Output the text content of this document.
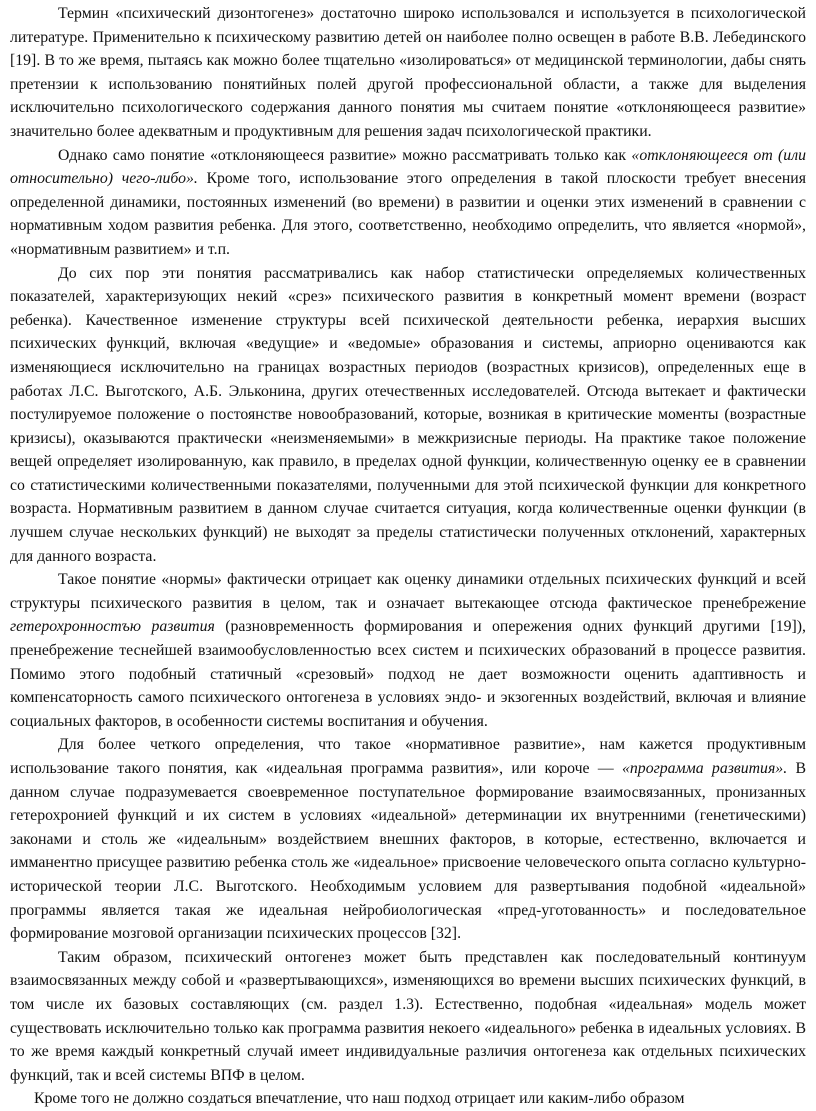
Термин «психический дизонтогенез» достаточно широко использовался и используется в психологической литературе. Применительно к психическому развитию детей он наиболее полно освещен в работе В.В. Лебединского [19]. В то же время, пытаясь как можно более тщательно «изолироваться» от медицинской терминологии, дабы снять претензии к использованию понятийных полей другой профессиональной области, а также для выделения исключительно психологического содержания данного понятия мы считаем понятие «отклоняющееся развитие» значительно более адекватным и продуктивным для решения задач психологической практики.

Однако само понятие «отклоняющееся развитие» можно рассматривать только как «отклоняющееся от (или относительно) чего-либо». Кроме того, использование этого определения в такой плоскости требует внесения определенной динамики, постоянных изменений (во времени) в развитии и оценки этих изменений в сравнении с нормативным ходом развития ребенка. Для этого, соответственно, необходимо определить, что является «нормой», «нормативным развитием» и т.п.

До сих пор эти понятия рассматривались как набор статистически определяемых количественных показателей, характеризующих некий «срез» психического развития в конкретный момент времени (возраст ребенка). Качественное изменение структуры всей психической деятельности ребенка, иерархия высших психических функций, включая «ведущие» и «ведомые» образования и системы, априорно оцениваются как изменяющиеся исключительно на границах возрастных периодов (возрастных кризисов), определенных еще в работах Л.С. Выготского, А.Б. Эльконина, других отечественных исследователей. Отсюда вытекает и фактически постулируемое положение о постоянстве новообразований, которые, возникая в критические моменты (возрастные кризисы), оказываются практически «неизменяемыми» в межкризисные периоды. На практике такое положение вещей определяет изолированную, как правило, в пределах одной функции, количественную оценку ее в сравнении со статистическими количественными показателями, полученными для этой психической функции для конкретного возраста. Нормативным развитием в данном случае считается ситуация, когда количественные оценки функции (в лучшем случае нескольких функций) не выходят за пределы статистически полученных отклонений, характерных для данного возраста.

Такое понятие «нормы» фактически отрицает как оценку динамики отдельных психических функций и всей структуры психического развития в целом, так и означает вытекающее отсюда фактическое пренебрежение гетерохронностъю развития (разновременность формирования и опережения одних функций другими [19]), пренебрежение теснейшей взаимообусловленностью всех систем и психических образований в процессе развития. Помимо этого подобный статичный «срезовый» подход не дает возможности оценить адаптивность и компенсаторность самого психического онтогенеза в условиях эндо- и экзогенных воздействий, включая и влияние социальных факторов, в особенности системы воспитания и обучения.

Для более четкого определения, что такое «нормативное развитие», нам кажется продуктивным использование такого понятия, как «идеальная программа развития», или короче — «программа развития». В данном случае подразумевается своевременное поступательное формирование взаимосвязанных, пронизанных гетерохронией функций и их систем в условиях «идеальной» детерминации их внутренними (генетическими) законами и столь же «идеальным» воздействием внешних факторов, в которые, естественно, включается и имманентно присущее развитию ребенка столь же «идеальное» присвоение человеческого опыта согласно культурно-исторической теории Л.С. Выготского. Необходимым условием для развертывания подобной «идеальной» программы является такая же идеальная нейробиологическая «пред-уготованность» и последовательное формирование мозговой организации психических процессов [32].

Таким образом, психический онтогенез может быть представлен как последовательный континуум взаимосвязанных между собой и «развертывающихся», изменяющихся во времени высших психических функций, в том числе их базовых составляющих (см. раздел 1.3). Естественно, подобная «идеальная» модель может существовать исключительно только как программа развития некоего «идеального» ребенка в идеальных условиях. В то же время каждый конкретный случай имеет индивидуальные различия онтогенеза как отдельных психических функций, так и всей системы ВПФ в целом.

Кроме того не должно создаться впечатление, что наш подход отрицает или каким-либо образом
